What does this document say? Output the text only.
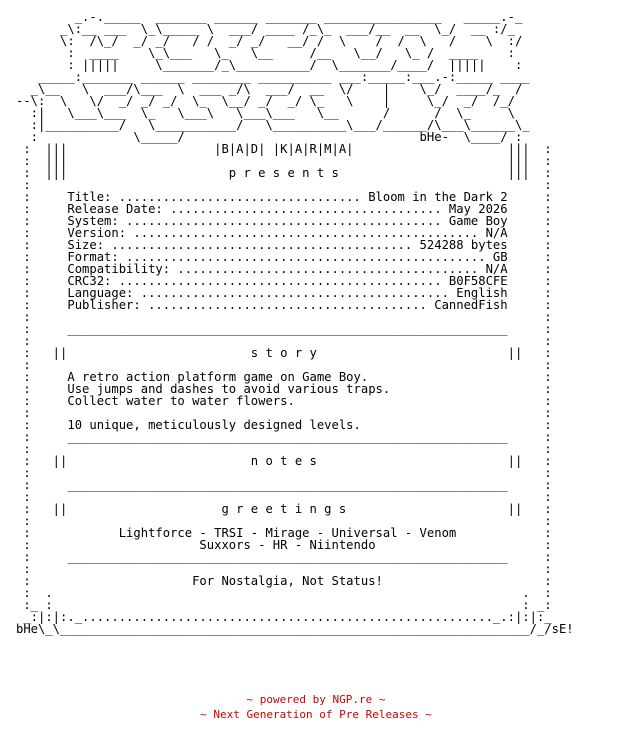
_.-._____  _______ ______ _______ ________________   _____.-_
_\:__ ___  \_\_____ \  ___/ ____ /_\_  ___/__  __  \_/  __ :/_
\:  /\_/  _/ _/   / /  _/ _/   __/ /  \    /  /  \   /    \  :/
:  ____    \_\___   \_   \__     /__   \__/   \_ /  ____    :
: |||||     \_______/_\__________/  \_______/____/  |||||    :
_____:_______ ______ ________ __________ ___:_____:___.-:_____ ____
_\__   \  ___/\___  \  ___ _/\  ___/  __  \/    |    \_/  ____/_  /
--\:  \   \/  _/ _/ _/  \_  \__/ _/  _/ \_   \    |     \_/  _/  /_/
:|   \___\___  \_   \___\   \___\___   \__      /      /  \_     \
:|__________/   \___________/   \__________\___/______/\___\______\_
:             \_____/                                bHe-  \____/ :
:  |||                    |B|A|D| |K|A|R|M|A|                     |||  :
:  |||                                                            |||  :
:  |||                      p r e s e n t s                       |||  :
:                                                                      :
:     Title: ................................. Bloom in the Dark 2     :
:     Release Date: ..................................... May 2026     :
:     System: ........................................... Game Boy     :
:     Version: ............................................... N/A     :
:     Size: ......................................... 524288 bytes     :
:     Format: ................................................. GB     :
:     Compatibility: ......................................... N/A     :
:     CRC32: ............................................ B0F58CFE     :
:     Language: .......................................... English     :
:     Publisher: ...................................... CannedFish     :
:                                                                      :
:     ____________________________________________________________     :
:                                                                      :
:   ||                         s t o r y                          ||   :
:                                                                      :
:     A retro action platform game on Game Boy.                        :
:     Use jumps and dashes to avoid various traps.                     :
:     Collect water to water flowers.                                  :
:                                                                      :
:     10 unique, meticulously designed levels.                         :
:     ____________________________________________________________     :
:                                                                      :
:   ||                         n o t e s                          ||   :
:                                                                      :
:     ____________________________________________________________     :
:                                                                      :
:   ||                     g r e e t i n g s                      ||   :
:                                                                      :
:            Lightforce - TRSI - Mirage - Universal - Venom            :
:                       Suxxors - HR - Niintendo                       :
:     ____________________________________________________________     :
:                                                                      :
:                      For Nostalgia, Not Status!                      :
:  .                                                                .  :
:_ :                                                                : _:
_:|:|:._........................................................_.:|:|:_
bHe\_\________________________________________________________________/_/sE!
~ powered by NGP.re ~
~ Next Generation of Pre Releases ~
